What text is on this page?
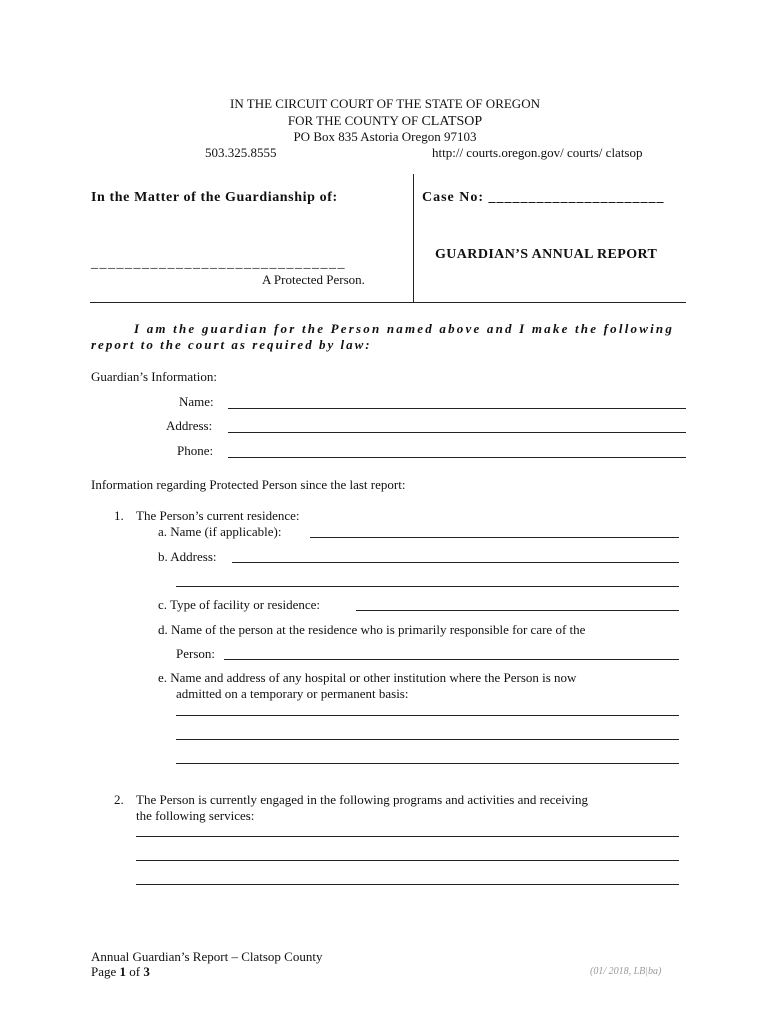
IN THE CIRCUIT COURT OF THE STATE OF OREGON
FOR THE COUNTY OF CLATSOP
PO Box 835 Astoria Oregon 97103
503.325.8555	http:// courts.oregon.gov/ courts/ clatsop
In the Matter of the Guardianship of:
______________________________
A Protected Person.
Case No: ______________________
GUARDIAN’S ANNUAL REPORT
I am the guardian for the Person named above and I make the following
report to the court as required by law:
Guardian’s Information:
Name:
Address:
Phone:
Information regarding Protected Person since the last report:
1. The Person’s current residence:
a. Name (if applicable):
b. Address:
c. Type of facility or residence:
d. Name of the person at the residence who is primarily responsible for care of the
Person:
e. Name and address of any hospital or other institution where the Person is now
admitted on a temporary or permanent basis:
2. The Person is currently engaged in the following programs and activities and receiving
the following services:
Annual Guardian’s Report – Clatsop County
Page 1 of 3	(01/ 2018, LB|ba)
